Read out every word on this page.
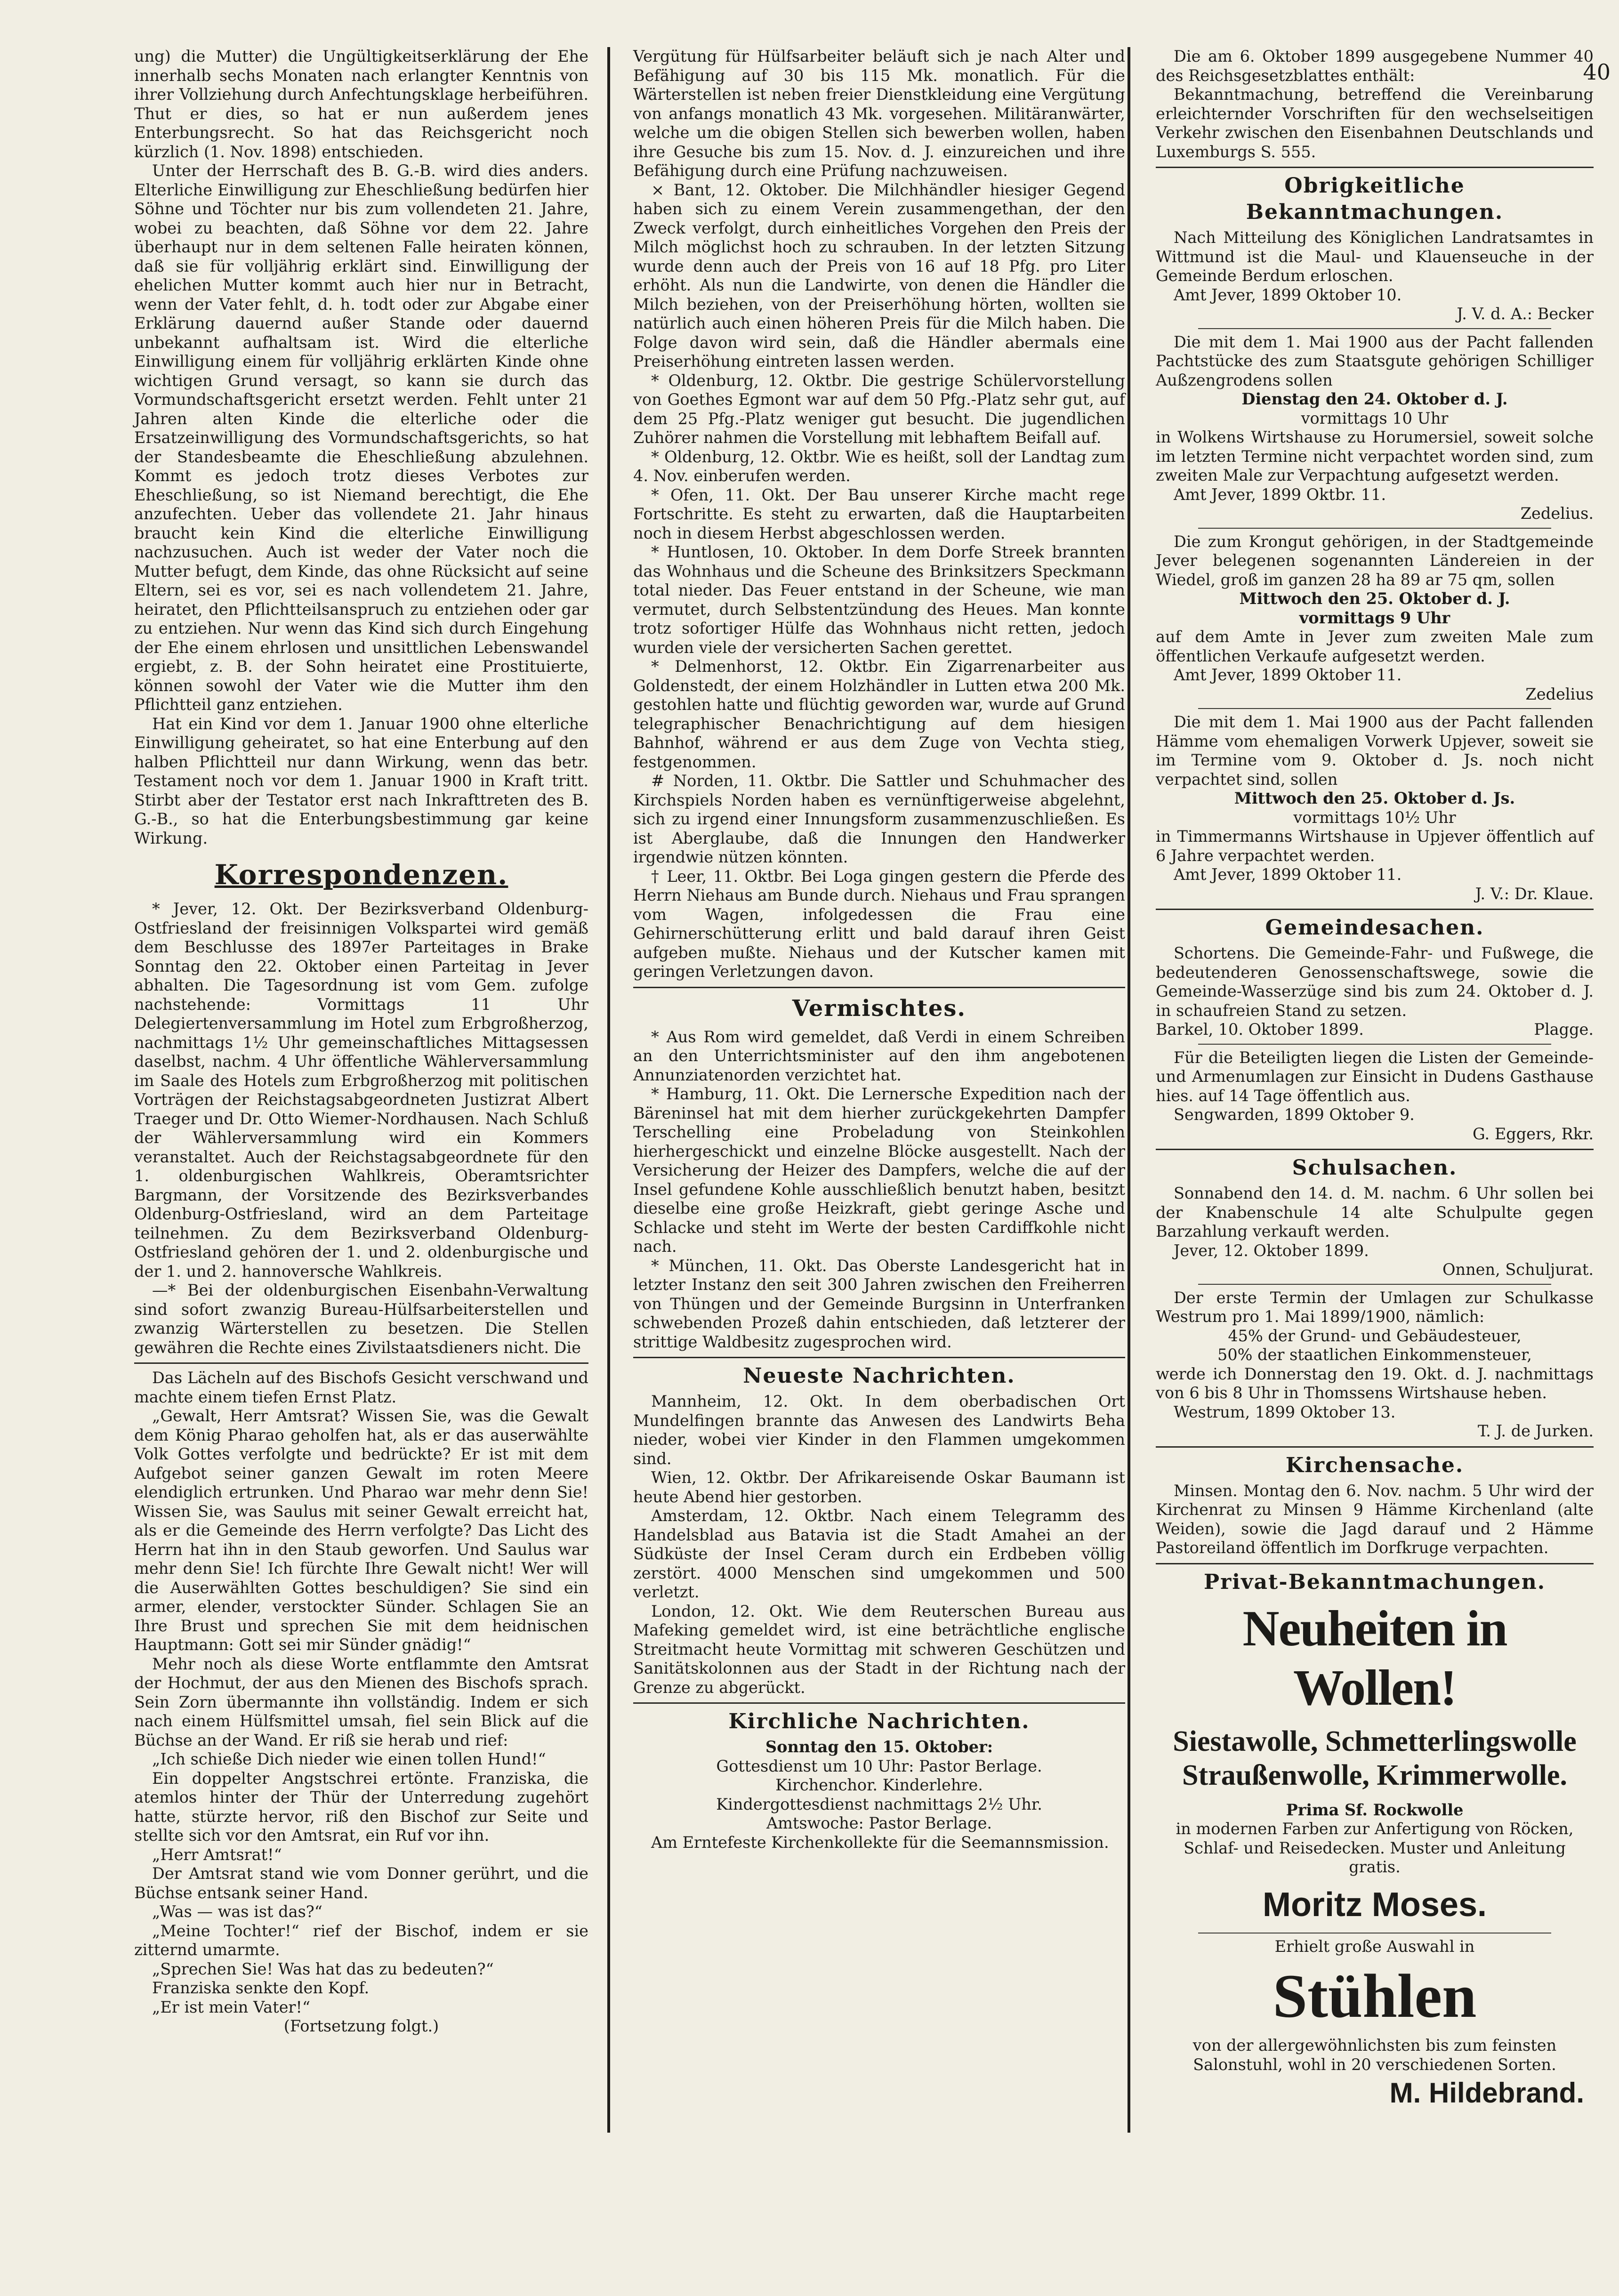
40

ung) die Mutter) die Ungültigkeitserklärung der Ehe innerhalb sechs Monaten nach erlangter Kenntnis von ihrer Vollziehung durch Anfechtungsklage herbeiführen. Thut er dies, so hat er nun außerdem jenes Enterbungsrecht. So hat das Reichsgericht noch kürzlich (1. Nov. 1898) entschieden.

Unter der Herrschaft des B. G.-B. wird dies anders. Elterliche Einwilligung zur Eheschließung bedürfen hier Söhne und Töchter nur bis zum vollendeten 21. Jahre, wobei zu beachten, daß Söhne vor dem 22. Jahre überhaupt nur in dem seltenen Falle heiraten können, daß sie für volljährig erklärt sind. Einwilligung der ehelichen Mutter kommt auch hier nur in Betracht, wenn der Vater fehlt, d. h. todt oder zur Abgabe einer Erklärung dauernd außer Stande oder dauernd unbekannt aufhaltsam ist. Wird die elterliche Einwilligung einem für volljährig erklärten Kinde ohne wichtigen Grund versagt, so kann sie durch das Vormundschaftsgericht ersetzt werden. Fehlt unter 21 Jahren alten Kinde die elterliche oder die Ersatzeinwilligung des Vormundschaftsgerichts, so hat der Standesbeamte die Eheschließung abzulehnen. Kommt es jedoch trotz dieses Verbotes zur Eheschließung, so ist Niemand berechtigt, die Ehe anzufechten. Ueber das vollendete 21. Jahr hinaus braucht kein Kind die elterliche Einwilligung nachzusuchen. Auch ist weder der Vater noch die Mutter befugt, dem Kinde, das ohne Rücksicht auf seine Eltern, sei es vor, sei es nach vollendetem 21. Jahre, heiratet, den Pflichtteilsanspruch zu entziehen oder gar zu entziehen. Nur wenn das Kind sich durch Eingehung der Ehe einem ehrlosen und unsittlichen Lebenswandel ergiebt, z. B. der Sohn heiratet eine Prostituierte, können sowohl der Vater wie die Mutter ihm den Pflichtteil ganz entziehen.

Hat ein Kind vor dem 1. Januar 1900 ohne elterliche Einwilligung geheiratet, so hat eine Enterbung auf den halben Pflichtteil nur dann Wirkung, wenn das betr. Testament noch vor dem 1. Januar 1900 in Kraft tritt. Stirbt aber der Testator erst nach Inkrafttreten des B. G.-B., so hat die Enterbungsbestimmung gar keine Wirkung.

Korrespondenzen.

* Jever, 12. Okt. Der Bezirksverband Oldenburg-Ostfriesland der freisinnigen Volkspartei wird gemäß dem Beschlusse des 1897er Parteitages in Brake Sonntag den 22. Oktober einen Parteitag in Jever abhalten. Die Tagesordnung ist vom Gem. zufolge nachstehende: Vormittags 11 Uhr Delegiertenversammlung im Hotel zum Erbgroßherzog, nachmittags 1½ Uhr gemeinschaftliches Mittagsessen daselbst, nachm. 4 Uhr öffentliche Wählerversammlung im Saale des Hotels zum Erbgroßherzog mit politischen Vorträgen der Reichstagsabgeordneten Justizrat Albert Traeger und Dr. Otto Wiemer-Nordhausen. Nach Schluß der Wählerversammlung wird ein Kommers veranstaltet. Auch der Reichstagsabgeordnete für den 1. oldenburgischen Wahlkreis, Oberamtsrichter Bargmann, der Vorsitzende des Bezirksverbandes Oldenburg-Ostfriesland, wird an dem Parteitage teilnehmen. Zu dem Bezirksverband Oldenburg-Ostfriesland gehören der 1. und 2. oldenburgische und der 1. und 2. hannoversche Wahlkreis.

—* Bei der oldenburgischen Eisenbahn-Verwaltung sind sofort zwanzig Bureau-Hülfsarbeiterstellen und zwanzig Wärterstellen zu besetzen. Die Stellen gewähren die Rechte eines Zivilstaatsdieners nicht. Die

Das Lächeln auf des Bischofs Gesicht verschwand und machte einem tiefen Ernst Platz.

„Gewalt, Herr Amtsrat? Wissen Sie, was die Gewalt dem König Pharao geholfen hat, als er das auserwählte Volk Gottes verfolgte und bedrückte? Er ist mit dem Aufgebot seiner ganzen Gewalt im roten Meere elendiglich ertrunken. Und Pharao war mehr denn Sie! Wissen Sie, was Saulus mit seiner Gewalt erreicht hat, als er die Gemeinde des Herrn verfolgte? Das Licht des Herrn hat ihn in den Staub geworfen. Und Saulus war mehr denn Sie! Ich fürchte Ihre Gewalt nicht! Wer will die Auserwählten Gottes beschuldigen? Sie sind ein armer, elender, verstockter Sünder. Schlagen Sie an Ihre Brust und sprechen Sie mit dem heidnischen Hauptmann: Gott sei mir Sünder gnädig!“

Mehr noch als diese Worte entflammte den Amtsrat der Hochmut, der aus den Mienen des Bischofs sprach. Sein Zorn übermannte ihn vollständig. Indem er sich nach einem Hülfsmittel umsah, fiel sein Blick auf die Büchse an der Wand. Er riß sie herab und rief:

„Ich schieße Dich nieder wie einen tollen Hund!“

Ein doppelter Angstschrei ertönte. Franziska, die atemlos hinter der Thür der Unterredung zugehört hatte, stürzte hervor, riß den Bischof zur Seite und stellte sich vor den Amtsrat, ein Ruf vor ihn.

„Herr Amtsrat!“

Der Amtsrat stand wie vom Donner gerührt, und die Büchse entsank seiner Hand.

„Was — was ist das?“

„Meine Tochter!“ rief der Bischof, indem er sie zitternd umarmte.

„Sprechen Sie! Was hat das zu bedeuten?“

Franziska senkte den Kopf.

„Er ist mein Vater!“

(Fortsetzung folgt.)

Vergütung für Hülfsarbeiter beläuft sich je nach Alter und Befähigung auf 30 bis 115 Mk. monatlich. Für die Wärterstellen ist neben freier Dienstkleidung eine Vergütung von anfangs monatlich 43 Mk. vorgesehen. Militäranwärter, welche um die obigen Stellen sich bewerben wollen, haben ihre Gesuche bis zum 15. Nov. d. J. einzureichen und ihre Befähigung durch eine Prüfung nachzuweisen.

⨯ Bant, 12. Oktober. Die Milchhändler hiesiger Gegend haben sich zu einem Verein zusammengethan, der den Zweck verfolgt, durch einheitliches Vorgehen den Preis der Milch möglichst hoch zu schrauben. In der letzten Sitzung wurde denn auch der Preis von 16 auf 18 Pfg. pro Liter erhöht. Als nun die Landwirte, von denen die Händler die Milch beziehen, von der Preiserhöhung hörten, wollten sie natürlich auch einen höheren Preis für die Milch haben. Die Folge davon wird sein, daß die Händler abermals eine Preiserhöhung eintreten lassen werden.

* Oldenburg, 12. Oktbr. Die gestrige Schülervorstellung von Goethes Egmont war auf dem 50 Pfg.-Platz sehr gut, auf dem 25 Pfg.-Platz weniger gut besucht. Die jugendlichen Zuhörer nahmen die Vorstellung mit lebhaftem Beifall auf.

* Oldenburg, 12. Oktbr. Wie es heißt, soll der Landtag zum 4. Nov. einberufen werden.

* Ofen, 11. Okt. Der Bau unserer Kirche macht rege Fortschritte. Es steht zu erwarten, daß die Hauptarbeiten noch in diesem Herbst abgeschlossen werden.

* Huntlosen, 10. Oktober. In dem Dorfe Streek brannten das Wohnhaus und die Scheune des Brinksitzers Speckmann total nieder. Das Feuer entstand in der Scheune, wie man vermutet, durch Selbstentzündung des Heues. Man konnte trotz sofortiger Hülfe das Wohnhaus nicht retten, jedoch wurden viele der versicherten Sachen gerettet.

* Delmenhorst, 12. Oktbr. Ein Zigarrenarbeiter aus Goldenstedt, der einem Holzhändler in Lutten etwa 200 Mk. gestohlen hatte und flüchtig geworden war, wurde auf Grund telegraphischer Benachrichtigung auf dem hiesigen Bahnhof, während er aus dem Zuge von Vechta stieg, festgenommen.

# Norden, 11. Oktbr. Die Sattler und Schuhmacher des Kirchspiels Norden haben es vernünftigerweise abgelehnt, sich zu irgend einer Innungsform zusammenzuschließen. Es ist Aberglaube, daß die Innungen den Handwerker irgendwie nützen könnten.

† Leer, 11. Oktbr. Bei Loga gingen gestern die Pferde des Herrn Niehaus am Bunde durch. Niehaus und Frau sprangen vom Wagen, infolgedessen die Frau eine Gehirnerschütterung erlitt und bald darauf ihren Geist aufgeben mußte. Niehaus und der Kutscher kamen mit geringen Verletzungen davon.

Vermischtes.

* Aus Rom wird gemeldet, daß Verdi in einem Schreiben an den Unterrichtsminister auf den ihm angebotenen Annunziatenorden verzichtet hat.

* Hamburg, 11. Okt. Die Lernersche Expedition nach der Bäreninsel hat mit dem hierher zurückgekehrten Dampfer Terschelling eine Probeladung von Steinkohlen hierhergeschickt und einzelne Blöcke ausgestellt. Nach der Versicherung der Heizer des Dampfers, welche die auf der Insel gefundene Kohle ausschließlich benutzt haben, besitzt dieselbe eine große Heizkraft, giebt geringe Asche und Schlacke und steht im Werte der besten Cardiffkohle nicht nach.

* München, 11. Okt. Das Oberste Landesgericht hat in letzter Instanz den seit 300 Jahren zwischen den Freiherren von Thüngen und der Gemeinde Burgsinn in Unterfranken schwebenden Prozeß dahin entschieden, daß letzterer der strittige Waldbesitz zugesprochen wird.

Neueste Nachrichten.

Mannheim, 12. Okt. In dem oberbadischen Ort Mundelfingen brannte das Anwesen des Landwirts Beha nieder, wobei vier Kinder in den Flammen umgekommen sind.

Wien, 12. Oktbr. Der Afrikareisende Oskar Baumann ist heute Abend hier gestorben.

Amsterdam, 12. Oktbr. Nach einem Telegramm des Handelsblad aus Batavia ist die Stadt Amahei an der Südküste der Insel Ceram durch ein Erdbeben völlig zerstört. 4000 Menschen sind umgekommen und 500 verletzt.

London, 12. Okt. Wie dem Reuterschen Bureau aus Mafeking gemeldet wird, ist eine beträchtliche englische Streitmacht heute Vormittag mit schweren Geschützen und Sanitätskolonnen aus der Stadt in der Richtung nach der Grenze zu abgerückt.

Kirchliche Nachrichten.

Sonntag den 15. Oktober:

Gottesdienst um 10 Uhr: Pastor Berlage.

Kirchenchor. Kinderlehre.

Kindergottesdienst nachmittags 2½ Uhr.

Amtswoche: Pastor Berlage.

Am Erntefeste Kirchenkollekte für die Seemannsmission.

Die am 6. Oktober 1899 ausgegebene Nummer 40 des Reichsgesetzblattes enthält:

Bekanntmachung, betreffend die Vereinbarung erleichternder Vorschriften für den wechselseitigen Verkehr zwischen den Eisenbahnen Deutschlands und Luxemburgs S. 555.

Obrigkeitliche Bekanntmachungen.

Nach Mitteilung des Königlichen Landratsamtes in Wittmund ist die Maul- und Klauenseuche in der Gemeinde Berdum erloschen.

Amt Jever, 1899 Oktober 10.

J. V. d. A.: Becker

Die mit dem 1. Mai 1900 aus der Pacht fallenden Pachtstücke des zum Staatsgute gehörigen Schilliger Außzengrodens sollen

Dienstag den 24. Oktober d. J.

vormittags 10 Uhr

in Wolkens Wirtshause zu Horumersiel, soweit solche im letzten Termine nicht verpachtet worden sind, zum zweiten Male zur Verpachtung aufgesetzt werden.

Amt Jever, 1899 Oktbr. 11.

Zedelius.

Die zum Krongut gehörigen, in der Stadtgemeinde Jever belegenen sogenannten Ländereien in der Wiedel, groß im ganzen 28 ha 89 ar 75 qm, sollen

Mittwoch den 25. Oktober d. J.

vormittags 9 Uhr

auf dem Amte in Jever zum zweiten Male zum öffentlichen Verkaufe aufgesetzt werden.

Amt Jever, 1899 Oktober 11.

Zedelius

Die mit dem 1. Mai 1900 aus der Pacht fallenden Hämme vom ehemaligen Vorwerk Upjever, soweit sie im Termine vom 9. Oktober d. Js. noch nicht verpachtet sind, sollen

Mittwoch den 25. Oktober d. Js.

vormittags 10½ Uhr

in Timmermanns Wirtshause in Upjever öffentlich auf 6 Jahre verpachtet werden.

Amt Jever, 1899 Oktober 11.

J. V.: Dr. Klaue.

Gemeindesachen.

Schortens. Die Gemeinde-Fahr- und Fußwege, die bedeutenderen Genossenschaftswege, sowie die Gemeinde-Wasserzüge sind bis zum 24. Oktober d. J. in schaufreien Stand zu setzen.

Barkel, 10. Oktober 1899.	Plagge.

Für die Beteiligten liegen die Listen der Gemeinde- und Armenumlagen zur Einsicht in Dudens Gasthause hies. auf 14 Tage öffentlich aus.

Sengwarden, 1899 Oktober 9.

G. Eggers, Rkr.

Schulsachen.

Sonnabend den 14. d. M. nachm. 6 Uhr sollen bei der Knabenschule 14 alte Schulpulte gegen Barzahlung verkauft werden.

Jever, 12. Oktober 1899.

Onnen, Schuljurat.

Der erste Termin der Umlagen zur Schulkasse Westrum pro 1. Mai 1899/1900, nämlich:

45% der Grund- und Gebäudesteuer,

50% der staatlichen Einkommensteuer,

werde ich Donnerstag den 19. Okt. d. J. nachmittags von 6 bis 8 Uhr in Thomssens Wirtshause heben.

Westrum, 1899 Oktober 13.

T. J. de Jurken.

Kirchensache.

Minsen. Montag den 6. Nov. nachm. 5 Uhr wird der Kirchenrat zu Minsen 9 Hämme Kirchenland (alte Weiden), sowie die Jagd darauf und 2 Hämme Pastoreiland öffentlich im Dorfkruge verpachten.

Privat-Bekanntmachungen.
Neuheiten in Wollen!
Siestawolle, Schmetterlingswolle
Straußenwolle, Krimmerwolle.

Prima Sf. Rockwolle

in modernen Farben zur Anfertigung von Röcken, Schlaf- und Reisedecken. Muster und Anleitung gratis.

Moritz Moses.

Erhielt große Auswahl in

Stühlen

von der allergewöhnlichsten bis zum feinsten Salonstuhl, wohl in 20 verschiedenen Sorten.

M. Hildebrand.
